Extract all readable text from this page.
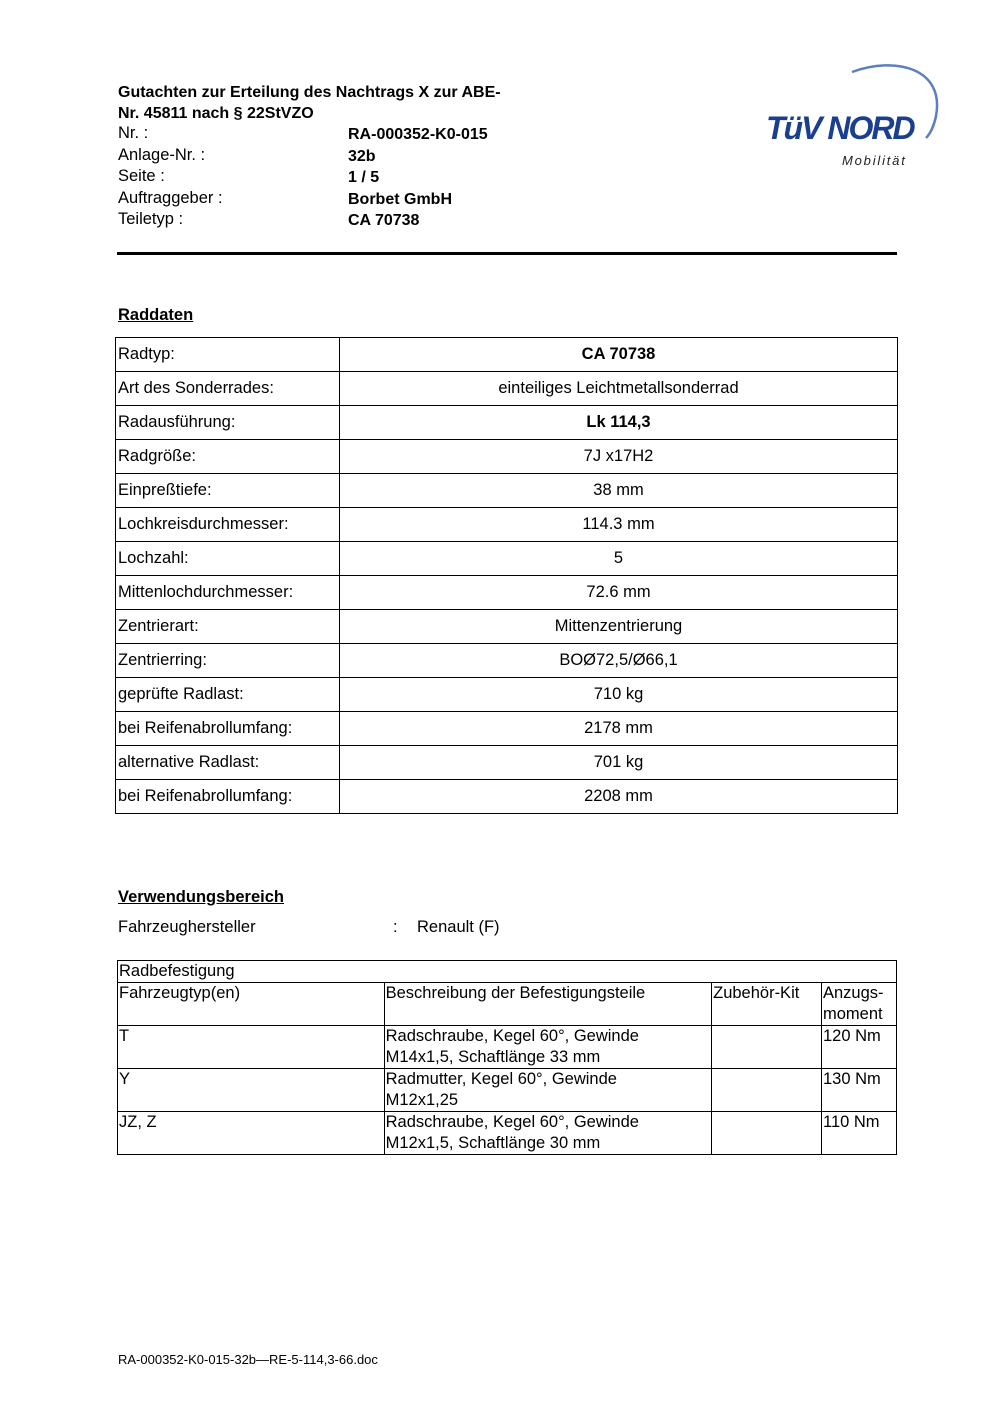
Gutachten zur Erteilung des Nachtrags X zur ABE-
Nr. 45811 nach § 22StVZO
Nr. :	RA-000352-K0-015
Anlage-Nr. :	32b
Seite :	1 / 5
Auftraggeber :	Borbet GmbH
Teiletyp :	CA 70738
TüV NORD
Mobilität
Raddaten
Radtyp:	CA 70738
Art des Sonderrades:	einteiliges Leichtmetallsonderrad
Radausführung:	Lk 114,3
Radgröße:	7J x17H2
Einpreßtiefe:	38 mm
Lochkreisdurchmesser:	114.3 mm
Lochzahl:	5
Mittenlochdurchmesser:	72.6 mm
Zentrierart:	Mittenzentrierung
Zentrierring:	BOØ72,5/Ø66,1
geprüfte Radlast:	710 kg
bei Reifenabrollumfang:	2178 mm
alternative Radlast:	701 kg
bei Reifenabrollumfang:	2208 mm
Verwendungsbereich
Fahrzeughersteller	: Renault (F)
Radbefestigung			
Fahrzeugtyp(en)	Beschreibung der Befestigungsteile	Zubehör-Kit	Anzugs-
moment
T	Radschraube, Kegel 60°, Gewinde
M14x1,5, Schaftlänge 33 mm		120 Nm
Y	Radmutter, Kegel 60°, Gewinde
M12x1,25		130 Nm
JZ, Z	Radschraube, Kegel 60°, Gewinde
M12x1,5, Schaftlänge 30 mm		110 Nm
RA-000352-K0-015-32b—RE-5-114,3-66.doc
